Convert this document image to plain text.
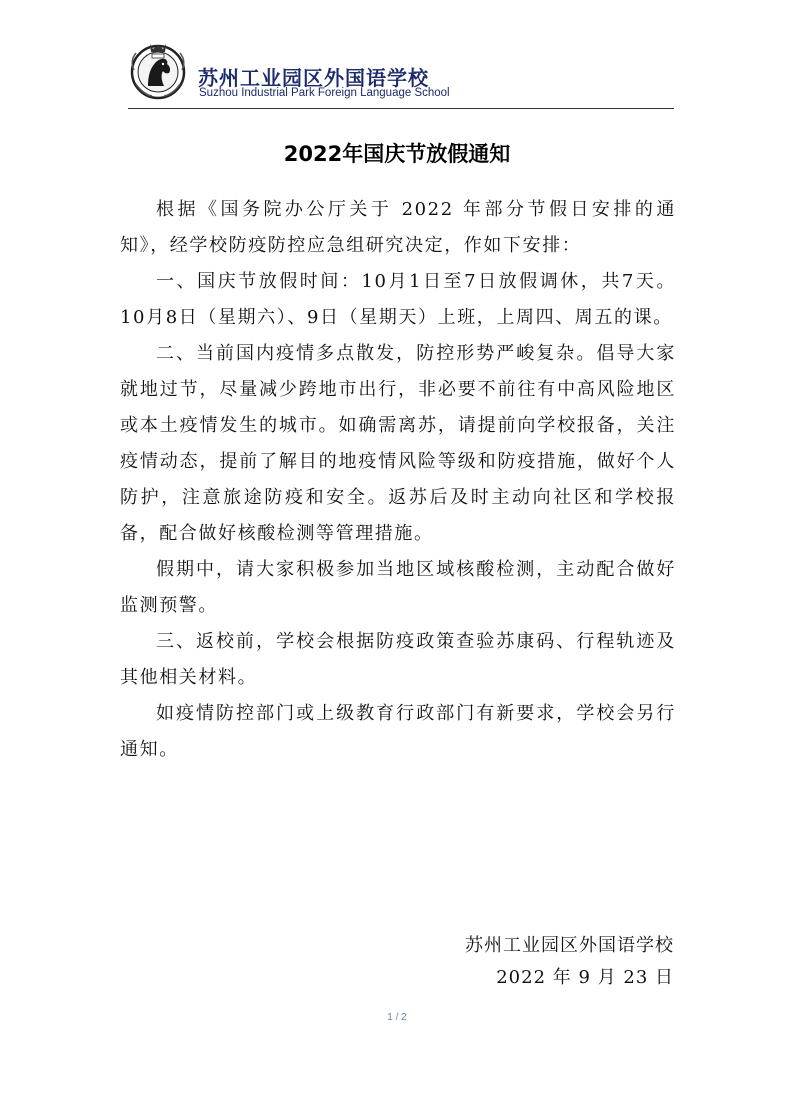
苏州工业园区外国语学校
Suzhou Industrial Park Foreign Language School
2022年国庆节放假通知

根据《国务院办公厅关于 2022 年部分节假日安排的通知》，经学校防疫防控应急组研究决定，作如下安排：

一、国庆节放假时间：10月1日至7日放假调休，共7天。10月8日（星期六）、9日（星期天）上班，上周四、周五的课。

二、当前国内疫情多点散发，防控形势严峻复杂。倡导大家就地过节，尽量减少跨地市出行，非必要不前往有中高风险地区或本土疫情发生的城市。如确需离苏，请提前向学校报备，关注疫情动态，提前了解目的地疫情风险等级和防疫措施，做好个人防护，注意旅途防疫和安全。返苏后及时主动向社区和学校报备，配合做好核酸检测等管理措施。

假期中，请大家积极参加当地区域核酸检测，主动配合做好监测预警。

三、返校前，学校会根据防疫政策查验苏康码、行程轨迹及其他相关材料。

如疫情防控部门或上级教育行政部门有新要求，学校会另行通知。

苏州工业园区外国语学校
2022 年 9 月 23 日
1 / 2
